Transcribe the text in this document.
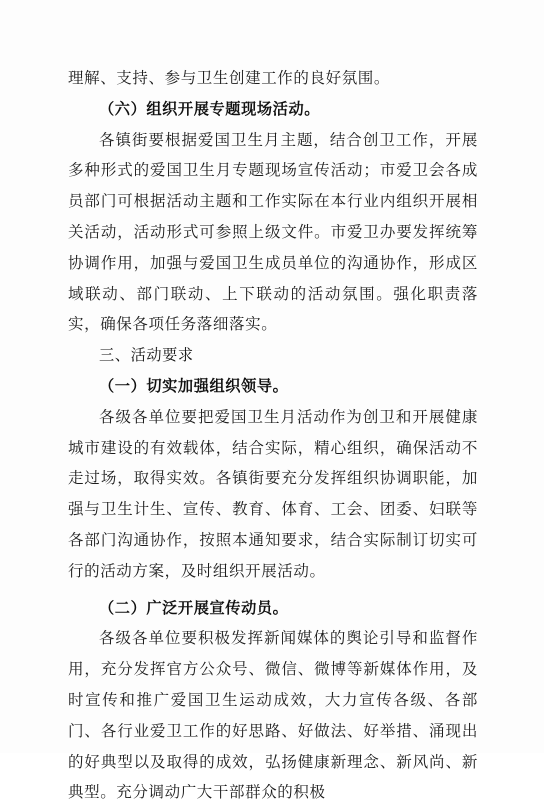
理解、支持、参与卫生创建工作的良好氛围。

（六）组织开展专题现场活动。

各镇街要根据爱国卫生月主题，结合创卫工作，开展多种形式的爱国卫生月专题现场宣传活动；市爱卫会各成员部门可根据活动主题和工作实际在本行业内组织开展相关活动，活动形式可参照上级文件。市爱卫办要发挥统筹协调作用，加强与爱国卫生成员单位的沟通协作，形成区域联动、部门联动、上下联动的活动氛围。强化职责落实，确保各项任务落细落实。

三、活动要求

（一）切实加强组织领导。

各级各单位要把爱国卫生月活动作为创卫和开展健康城市建设的有效载体，结合实际，精心组织，确保活动不走过场，取得实效。各镇街要充分发挥组织协调职能，加强与卫生计生、宣传、教育、体育、工会、团委、妇联等各部门沟通协作，按照本通知要求，结合实际制订切实可行的活动方案，及时组织开展活动。

（二）广泛开展宣传动员。

各级各单位要积极发挥新闻媒体的舆论引导和监督作用，充分发挥官方公众号、微信、微博等新媒体作用，及时宣传和推广爱国卫生运动成效，大力宣传各级、各部门、各行业爱卫工作的好思路、好做法、好举措、涌现出的好典型以及取得的成效，弘扬健康新理念、新风尚、新典型。充分调动广大干部群众的积极
